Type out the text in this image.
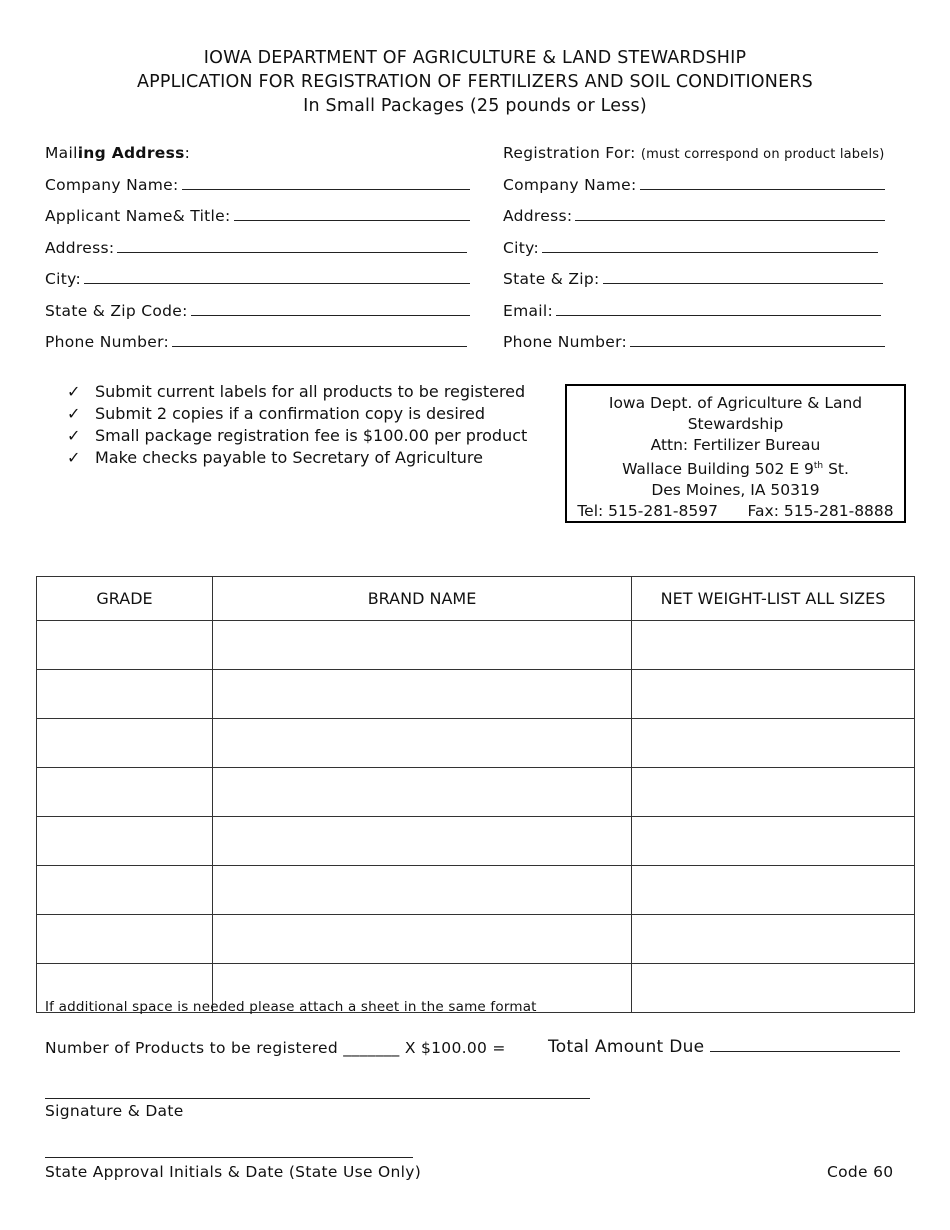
IOWA DEPARTMENT OF AGRICULTURE & LAND STEWARDSHIP
APPLICATION FOR REGISTRATION OF FERTILIZERS AND SOIL CONDITIONERS
In Small Packages (25 pounds or Less)
Mailing Address:
Company Name:
Applicant Name& Title:
Address:
City:
State & Zip Code:
Phone Number:
Registration For: (must correspond on product labels)
Company Name:
Address:
City:
State & Zip:
Email:
Phone Number:
✓ Submit current labels for all products to be registered
✓ Submit 2 copies if a confirmation copy is desired
✓ Small package registration fee is $100.00 per product
✓ Make checks payable to Secretary of Agriculture
Iowa Dept. of Agriculture & Land Stewardship
Attn: Fertilizer Bureau
Wallace Building 502 E 9th St.
Des Moines, IA 50319
Tel: 515-281-8597 Fax: 515-281-8888
GRADE	BRAND NAME	NET WEIGHT-LIST ALL SIZES

If additional space is needed please attach a sheet in the same format
Number of Products to be registered _______ X $100.00 = Total Amount Due
Signature & Date
State Approval Initials & Date (State Use Only)	Code 60
